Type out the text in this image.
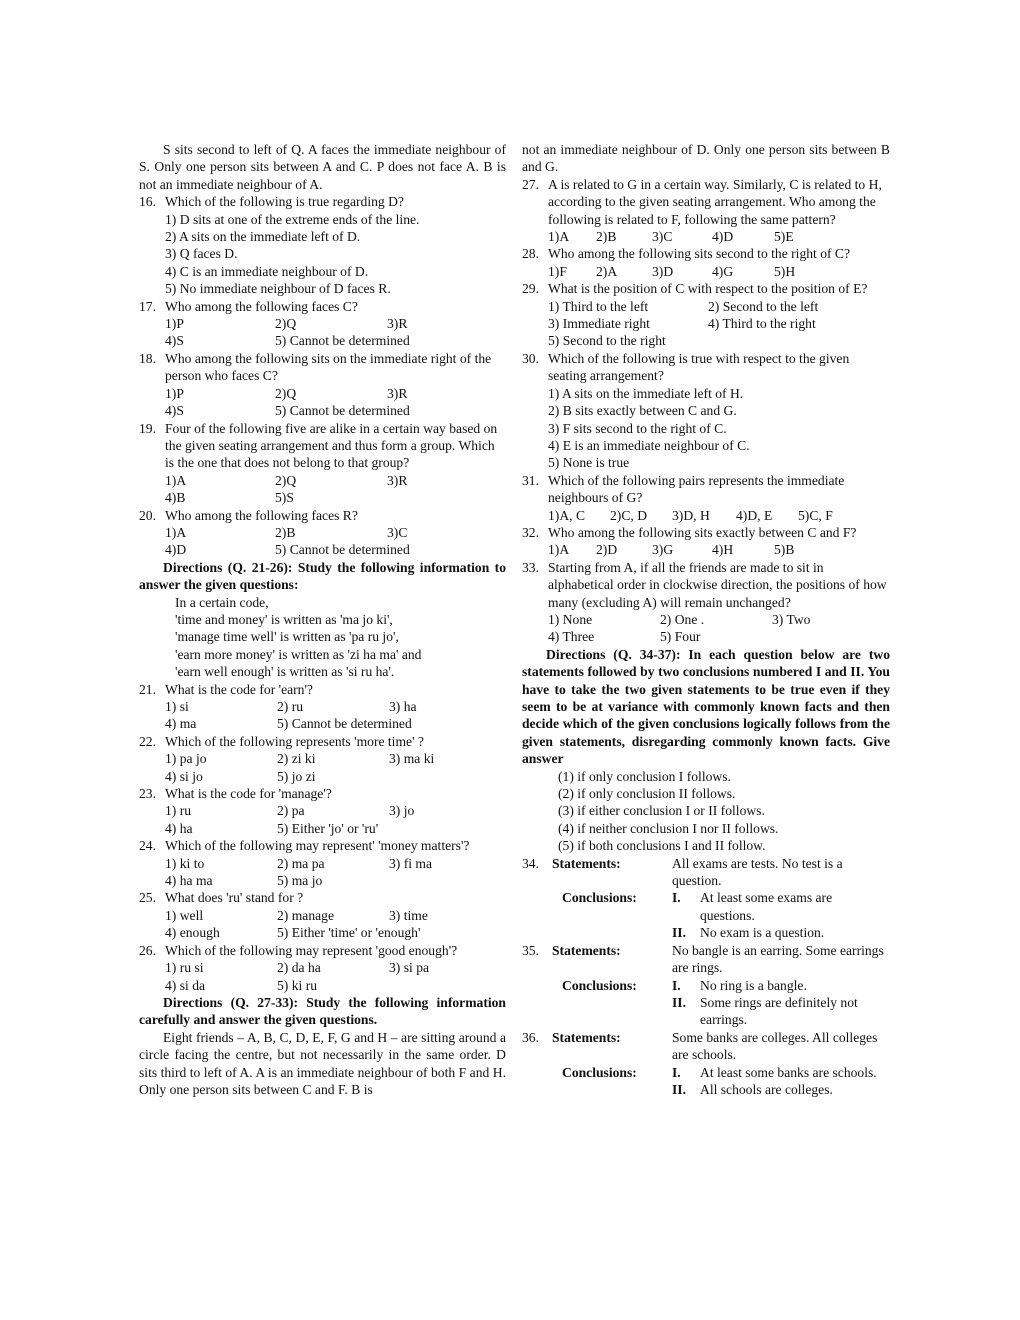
S sits second to left of Q. A faces the immediate neighbour of S. Only one person sits between A and C. P does not face A. B is not an immediate neighbour of A.

16. Which of the following is true regarding D?

1) D sits at one of the extreme ends of the line.

2) A sits on the immediate left of D.

3) Q faces D.

4) C is an immediate neighbour of D.

5) No immediate neighbour of D faces R.

17. Who among the following faces C?
1)P	2)Q	3)R
4)S	5) Cannot be determined
18. Who among the following sits on the immediate right of the person who faces C?
1)P	2)Q	3)R
4)S	5) Cannot be determined
19. Four of the following five are alike in a certain way based on the given seating arrangement and thus form a group. Which is the one that does not belong to that group?
1)A	2)Q	3)R
4)B	5)S
20. Who among the following faces R?
1)A	2)B	3)C
4)D	5) Cannot be determined

Directions (Q. 21-26): Study the following information to answer the given questions:

In a certain code,

'time and money' is written as 'ma jo ki',

'manage time well' is written as 'pa ru jo',

'earn more money' is written as 'zi ha ma' and

'earn well enough' is written as 'si ru ha'.

21. What is the code for 'earn'?
1) si	2) ru	3) ha
4) ma	5) Cannot be determined
22. Which of the following represents 'more time' ?
1) pa jo	2) zi ki	3) ma ki
4) si jo	5) jo zi
23. What is the code for 'manage'?
1) ru	2) pa	3) jo
4) ha	5) Either 'jo' or 'ru'
24. Which of the following may represent' 'money matters'?
1) ki to	2) ma pa	3) fi ma
4) ha ma	5) ma jo
25. What does 'ru' stand for ?
1) well	2) manage	3) time
4) enough	5) Either 'time' or 'enough'
26. Which of the following may represent 'good enough'?
1) ru si	2) da ha	3) si pa
4) si da	5) ki ru

Directions (Q. 27-33): Study the following information carefully and answer the given questions.

Eight friends – A, B, C, D, E, F, G and H – are sitting around a circle facing the centre, but not necessarily in the same order. D sits third to left of A. A is an immediate neighbour of both F and H. Only one person sits between C and F. B is

not an immediate neighbour of D. Only one person sits between B and G.

27. A is related to G in a certain way. Similarly, C is related to H, according to the given seating arrangement. Who among the following is related to F, following the same pattern?
1)A	2)B	3)C	4)D	5)E
28. Who among the following sits second to the right of C?
1)F	2)A	3)D	4)G	5)H
29. What is the position of C with respect to the position of E?
1) Third to the left	2) Second to the left
3) Immediate right	4) Third to the right

5) Second to the right

30. Which of the following is true with respect to the given seating arrangement?

1) A sits on the immediate left of H.

2) B sits exactly between C and G.

3) F sits second to the right of C.

4) E is an immediate neighbour of C.

5) None is true

31. Which of the following pairs represents the immediate neighbours of G?
1)A, C	2)C, D	3)D, H	4)D, E	5)C, F
32. Who among the following sits exactly between C and F?
1)A	2)D	3)G	4)H	5)B
33. Starting from A, if all the friends are made to sit in alphabetical order in clockwise direction, the positions of how many (excluding A) will remain unchanged?
1) None	2) One .	3) Two
4) Three	5) Four

Directions (Q. 34-37): In each question below are two statements followed by two conclusions numbered I and II. You have to take the two given statements to be true even if they seem to be at variance with commonly known facts and then decide which of the given conclusions logically follows from the given statements, disregarding commonly known facts. Give answer

(1) if only conclusion I follows.

(2) if only conclusion II follows.

(3) if either conclusion I or II follows.

(4) if neither conclusion I nor II follows.

(5) if both conclusions I and II follow.

34. Statements:	All exams are tests. No test is a question.
Conclusions:	I.	At least some exams are questions.
II.	No exam is a question.
35. Statements:	No bangle is an earring. Some earrings are rings.
Conclusions:	I.	No ring is a bangle.
II.	Some rings are definitely not earrings.
36. Statements:	Some banks are colleges. All colleges are schools.
Conclusions:	I.	At least some banks are schools.
II.	All schools are colleges.
